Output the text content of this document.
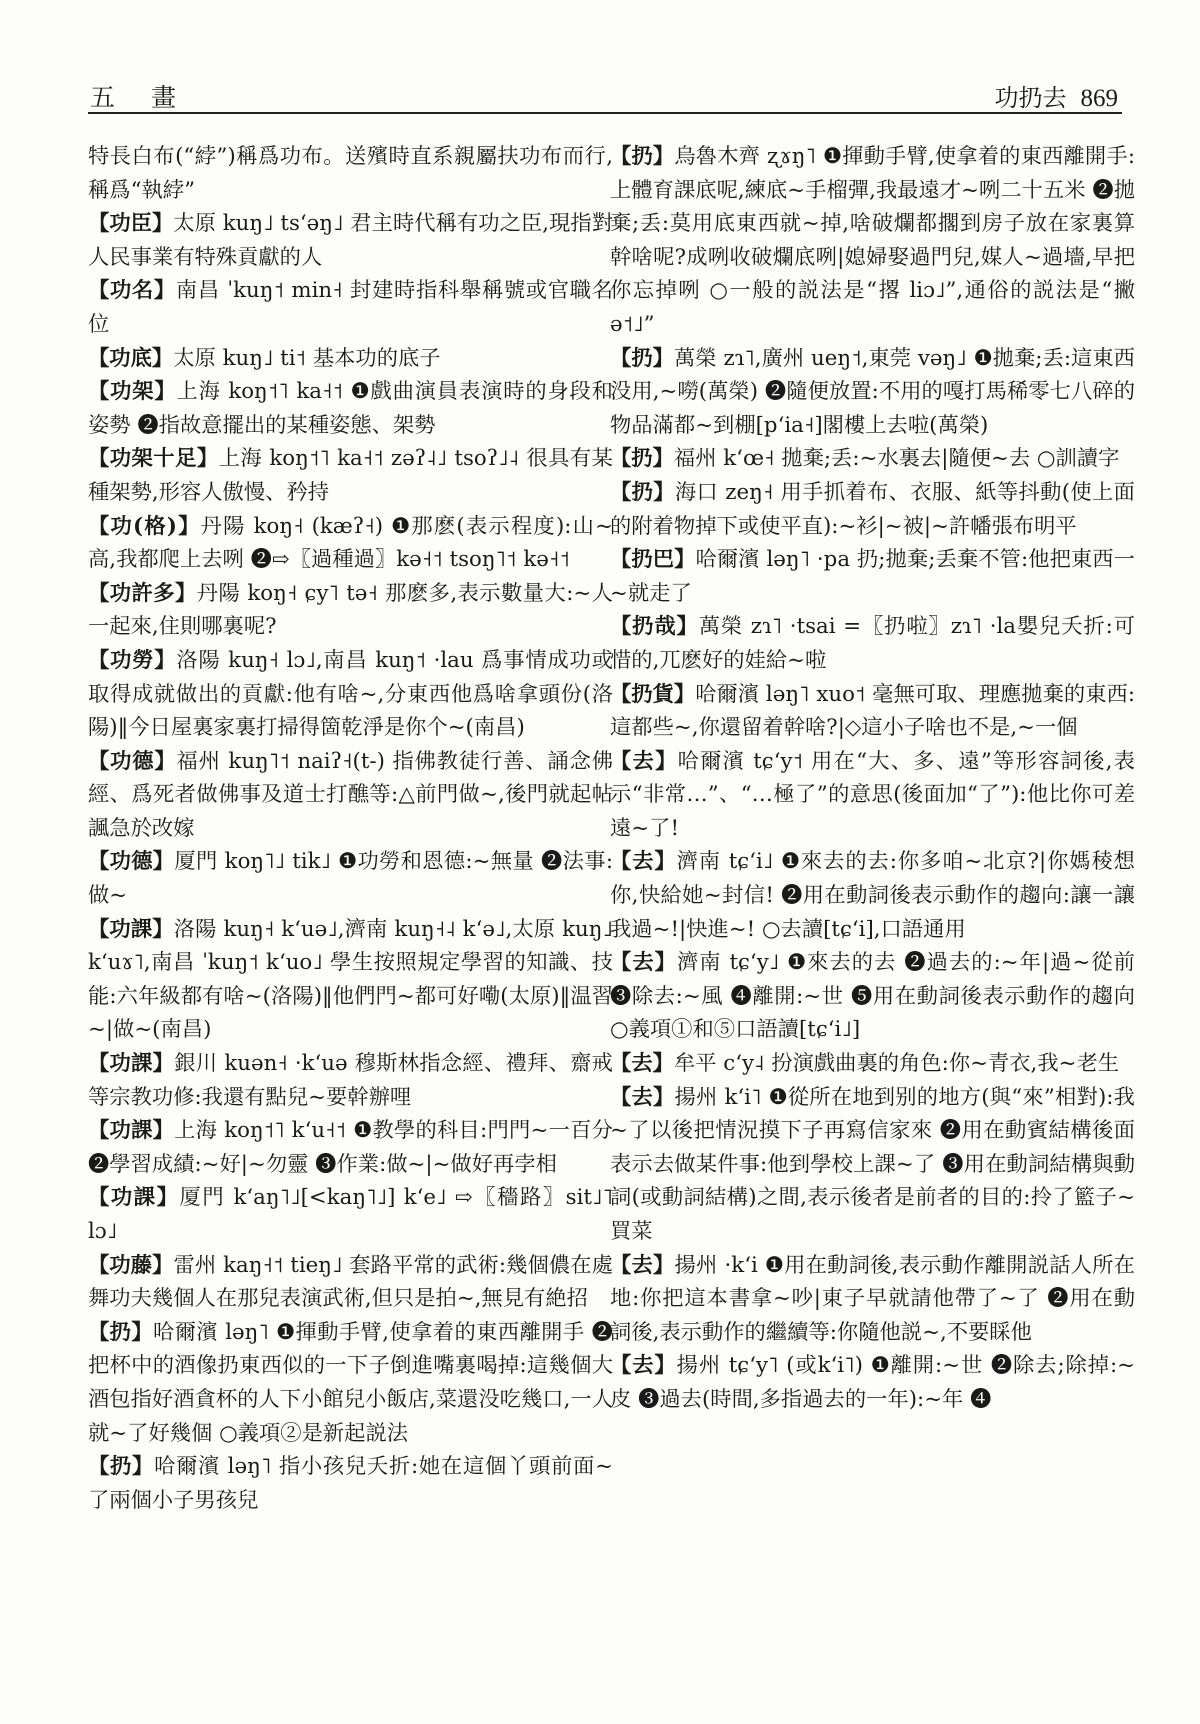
五 畫	功扔去 869
特長白布(“綍”)稱爲功布。送殯時直系親屬扶功布而行,稱爲“執綍”
【功臣】太原 kuŋ˩ tsʻəŋ˩ 君主時代稱有功之臣,現指對人民事業有特殊貢獻的人
【功名】南昌 ˈkuŋ˦ min˧ 封建時指科舉稱號或官職名位
【功底】太原 kuŋ˩ ti˦ 基本功的底子
【功架】上海 koŋ˦˥ ka˧˦ ❶戲曲演員表演時的身段和姿勢 ❷指故意擺出的某種姿態、架勢
【功架十足】上海 koŋ˦˥ ka˧˦ zəʔ˨˩ tsoʔ˩˨ 很具有某種架勢,形容人傲慢、矜持
【功(格)】丹陽 koŋ˧ (kæʔ˧) ❶那麽(表示程度):山~高,我都爬上去咧 ❷⇨〖過種過〗kə˧˦ tsoŋ˥˦ kə˧˦
【功許多】丹陽 koŋ˧ ɕy˥ tə˧ 那麽多,表示數量大:~人一起來,住則哪裏呢?
【功勞】洛陽 kuŋ˧ lɔ˩,南昌 kuŋ˦ ·lau 爲事情成功或取得成就做出的貢獻:他有啥~,分東西他爲啥拿頭份(洛陽)‖今日屋裏家裏打掃得箇乾淨是你个~(南昌)
【功德】福州 kuŋ˥˦ naiʔ˧(t-) 指佛教徒行善、誦念佛經、爲死者做佛事及道士打醮等:△前門做~,後門就起帖諷急於改嫁
【功德】厦門 koŋ˥˩ tik˩ ❶功勞和恩德:~無量 ❷法事:做~
【功課】洛陽 kuŋ˧ kʻuə˩,濟南 kuŋ˧˨ kʻə˩,太原 kuŋ˩ kʻuɤ˥,南昌 ˈkuŋ˦ kʻuo˩ 學生按照規定學習的知識、技能:六年級都有啥~(洛陽)‖他們門~都可好嘞(太原)‖温習~|做~(南昌)
【功課】銀川 kuən˧ ·kʻuə 穆斯林指念經、禮拜、齋戒等宗教功修:我還有點兒~要幹辦哩
【功課】上海 koŋ˦˥ kʻu˧˦ ❶教學的科目:門門~一百分 ❷學習成績:~好|~勿靈 ❸作業:做~|~做好再孛相
【功課】厦門 kʻaŋ˥˩[<kaŋ˥˩] kʻe˩ ⇨〖穡路〗sit˩˥ lɔ˩
【功藤】雷州 kaŋ˧˦ tieŋ˩ 套路平常的武術:幾個儂在處舞功夫幾個人在那兒表演武術,但只是拍~,無見有絶招
【扔】哈爾濱 ləŋ˥ ❶揮動手臂,使拿着的東西離開手 ❷把杯中的酒像扔東西似的一下子倒進嘴裏喝掉:這幾個大酒包指好酒貪杯的人下小館兒小飯店,菜還没吃幾口,一人就~了好幾個 ○義項②是新起説法
【扔】哈爾濱 ləŋ˥ 指小孩兒夭折:她在這個丫頭前面~了兩個小子男孩兒
【扔】烏魯木齊 ʐɤŋ˥ ❶揮動手臂,使拿着的東西離開手:上體育課底呢,練底~手榴彈,我最遠才~咧二十五米 ❷拋棄;丢:莫用底東西就~掉,啥破爛都擱到房子放在家裏算幹啥呢?成咧收破爛底咧|媳婦娶過門兒,媒人~過墻,早把你忘掉咧 ○一般的説法是“撂 liɔ˩”,通俗的説法是“撇 ə˦˩”
【扔】萬榮 zɿ˥,廣州 ueŋ˦,東莞 vəŋ˩ ❶拋棄;丢:這東西没用,~嘮(萬榮) ❷隨便放置:不用的嘎打馬稀零七八碎的物品滿都~到棚[pʻia˧]閣樓上去啦(萬榮)
【扔】福州 kʻœ˧ 拋棄;丢:~水裏去|隨便~去 ○訓讀字
【扔】海口 zeŋ˧ 用手抓着布、衣服、紙等抖動(使上面的附着物掉下或使平直):~衫|~被|~許幡張布明平
【扔巴】哈爾濱 ləŋ˥ ·pa 扔;拋棄;丢棄不管:他把東西一~就走了
【扔哉】萬榮 zɿ˥ ·tsai =〖扔啦〗zɿ˥ ·la嬰兒夭折:可惜的,兀麽好的娃給~啦
【扔貨】哈爾濱 ləŋ˥ xuo˦ 毫無可取、理應拋棄的東西:這都些~,你還留着幹啥?|◇這小子啥也不是,~一個
【去】哈爾濱 tɕʻy˦ 用在“大、多、遠”等形容詞後,表示“非常…”、“…極了”的意思(後面加“了”):他比你可差遠~了!
【去】濟南 tɕʻi˩ ❶來去的去:你多咱~北京?|你媽稜想你,快給她~封信! ❷用在動詞後表示動作的趨向:讓一讓我過~!|快進~! ○去讀[tɕʻi],口語通用
【去】濟南 tɕʻy˩ ❶來去的去 ❷過去的:~年|過~從前 ❸除去:~風 ❹離開:~世 ❺用在動詞後表示動作的趨向 ○義項①和⑤口語讀[tɕʻi˩]
【去】牟平 cʻy˨ 扮演戲曲裏的角色:你~青衣,我~老生
【去】揚州 kʻi˥ ❶從所在地到别的地方(與“來”相對):我~了以後把情況摸下子再寫信家來 ❷用在動賓結構後面表示去做某件事:他到學校上課~了 ❸用在動詞結構與動詞(或動詞結構)之間,表示後者是前者的目的:拎了籃子~買菜
【去】揚州 ·kʻi ❶用在動詞後,表示動作離開説話人所在地:你把這本書拿~吵|東子早就請他帶了~了 ❷用在動詞後,表示動作的繼續等:你隨他説~,不要睬他
【去】揚州 tɕʻy˥ (或kʻi˥) ❶離開:~世 ❷除去;除掉:~皮 ❸過去(時間,多指過去的一年):~年 ❹
